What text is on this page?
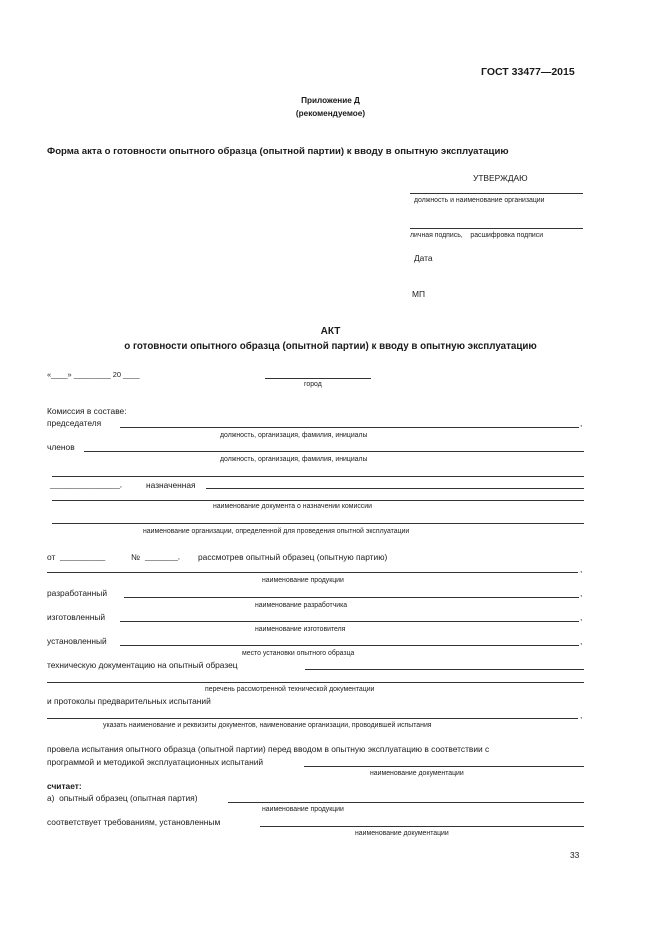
ГОСТ 33477—2015
Приложение Д
(рекомендуемое)
Форма акта о готовности опытного образца (опытной партии) к вводу в опытную эксплуатацию
УТВЕРЖДАЮ
должность и наименование организации
личная подпись,    расшифровка подписи
Дата
МП
АКТ
о готовности опытного образца (опытной партии) к вводу в опытную эксплуатацию
«____» _________ 20 ____
город
Комиссия в составе:
председателя	,
должность, организация, фамилия, инициалы
членов
должность, организация, фамилия, инициалы
_________________,	назначенная
наименование документа о назначении комиссии
наименование организации, определенной для проведения опытной эксплуатации
от ___________	№ ________, рассмотрев опытный образец (опытную партию)
,
наименование продукции
разработанный	,
наименование разработчика
изготовленный	,
наименование изготовителя
установленный	,
место установки опытного образца
техническую документацию на опытный образец
перечень рассмотренной технической документации
и протоколы предварительных испытаний
,
указать наименование и реквизиты документов, наименование организации, проводившей испытания
провела испытания опытного образца (опытной партии) перед вводом в опытную эксплуатацию в соответствии с
программой и методикой эксплуатационных испытаний
наименование документации
считает:
а)  опытный образец (опытная партия)
наименование продукции
соответствует требованиям, установленным
наименование документации
33
